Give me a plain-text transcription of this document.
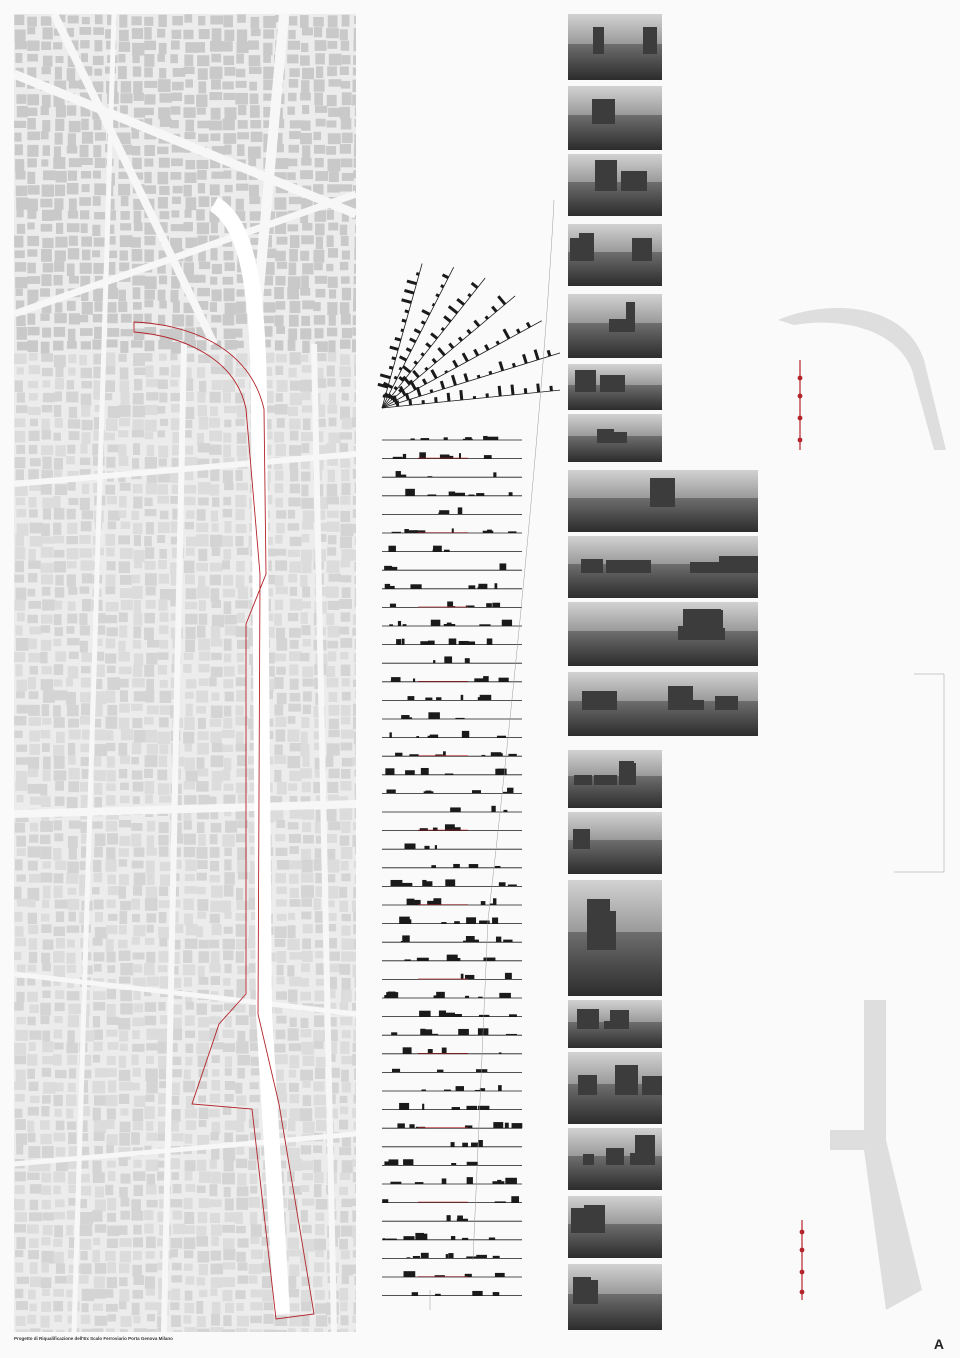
Progetto di Riqualificazione dell'Ex Scalo Ferroviario Porta Genova Milano	A
